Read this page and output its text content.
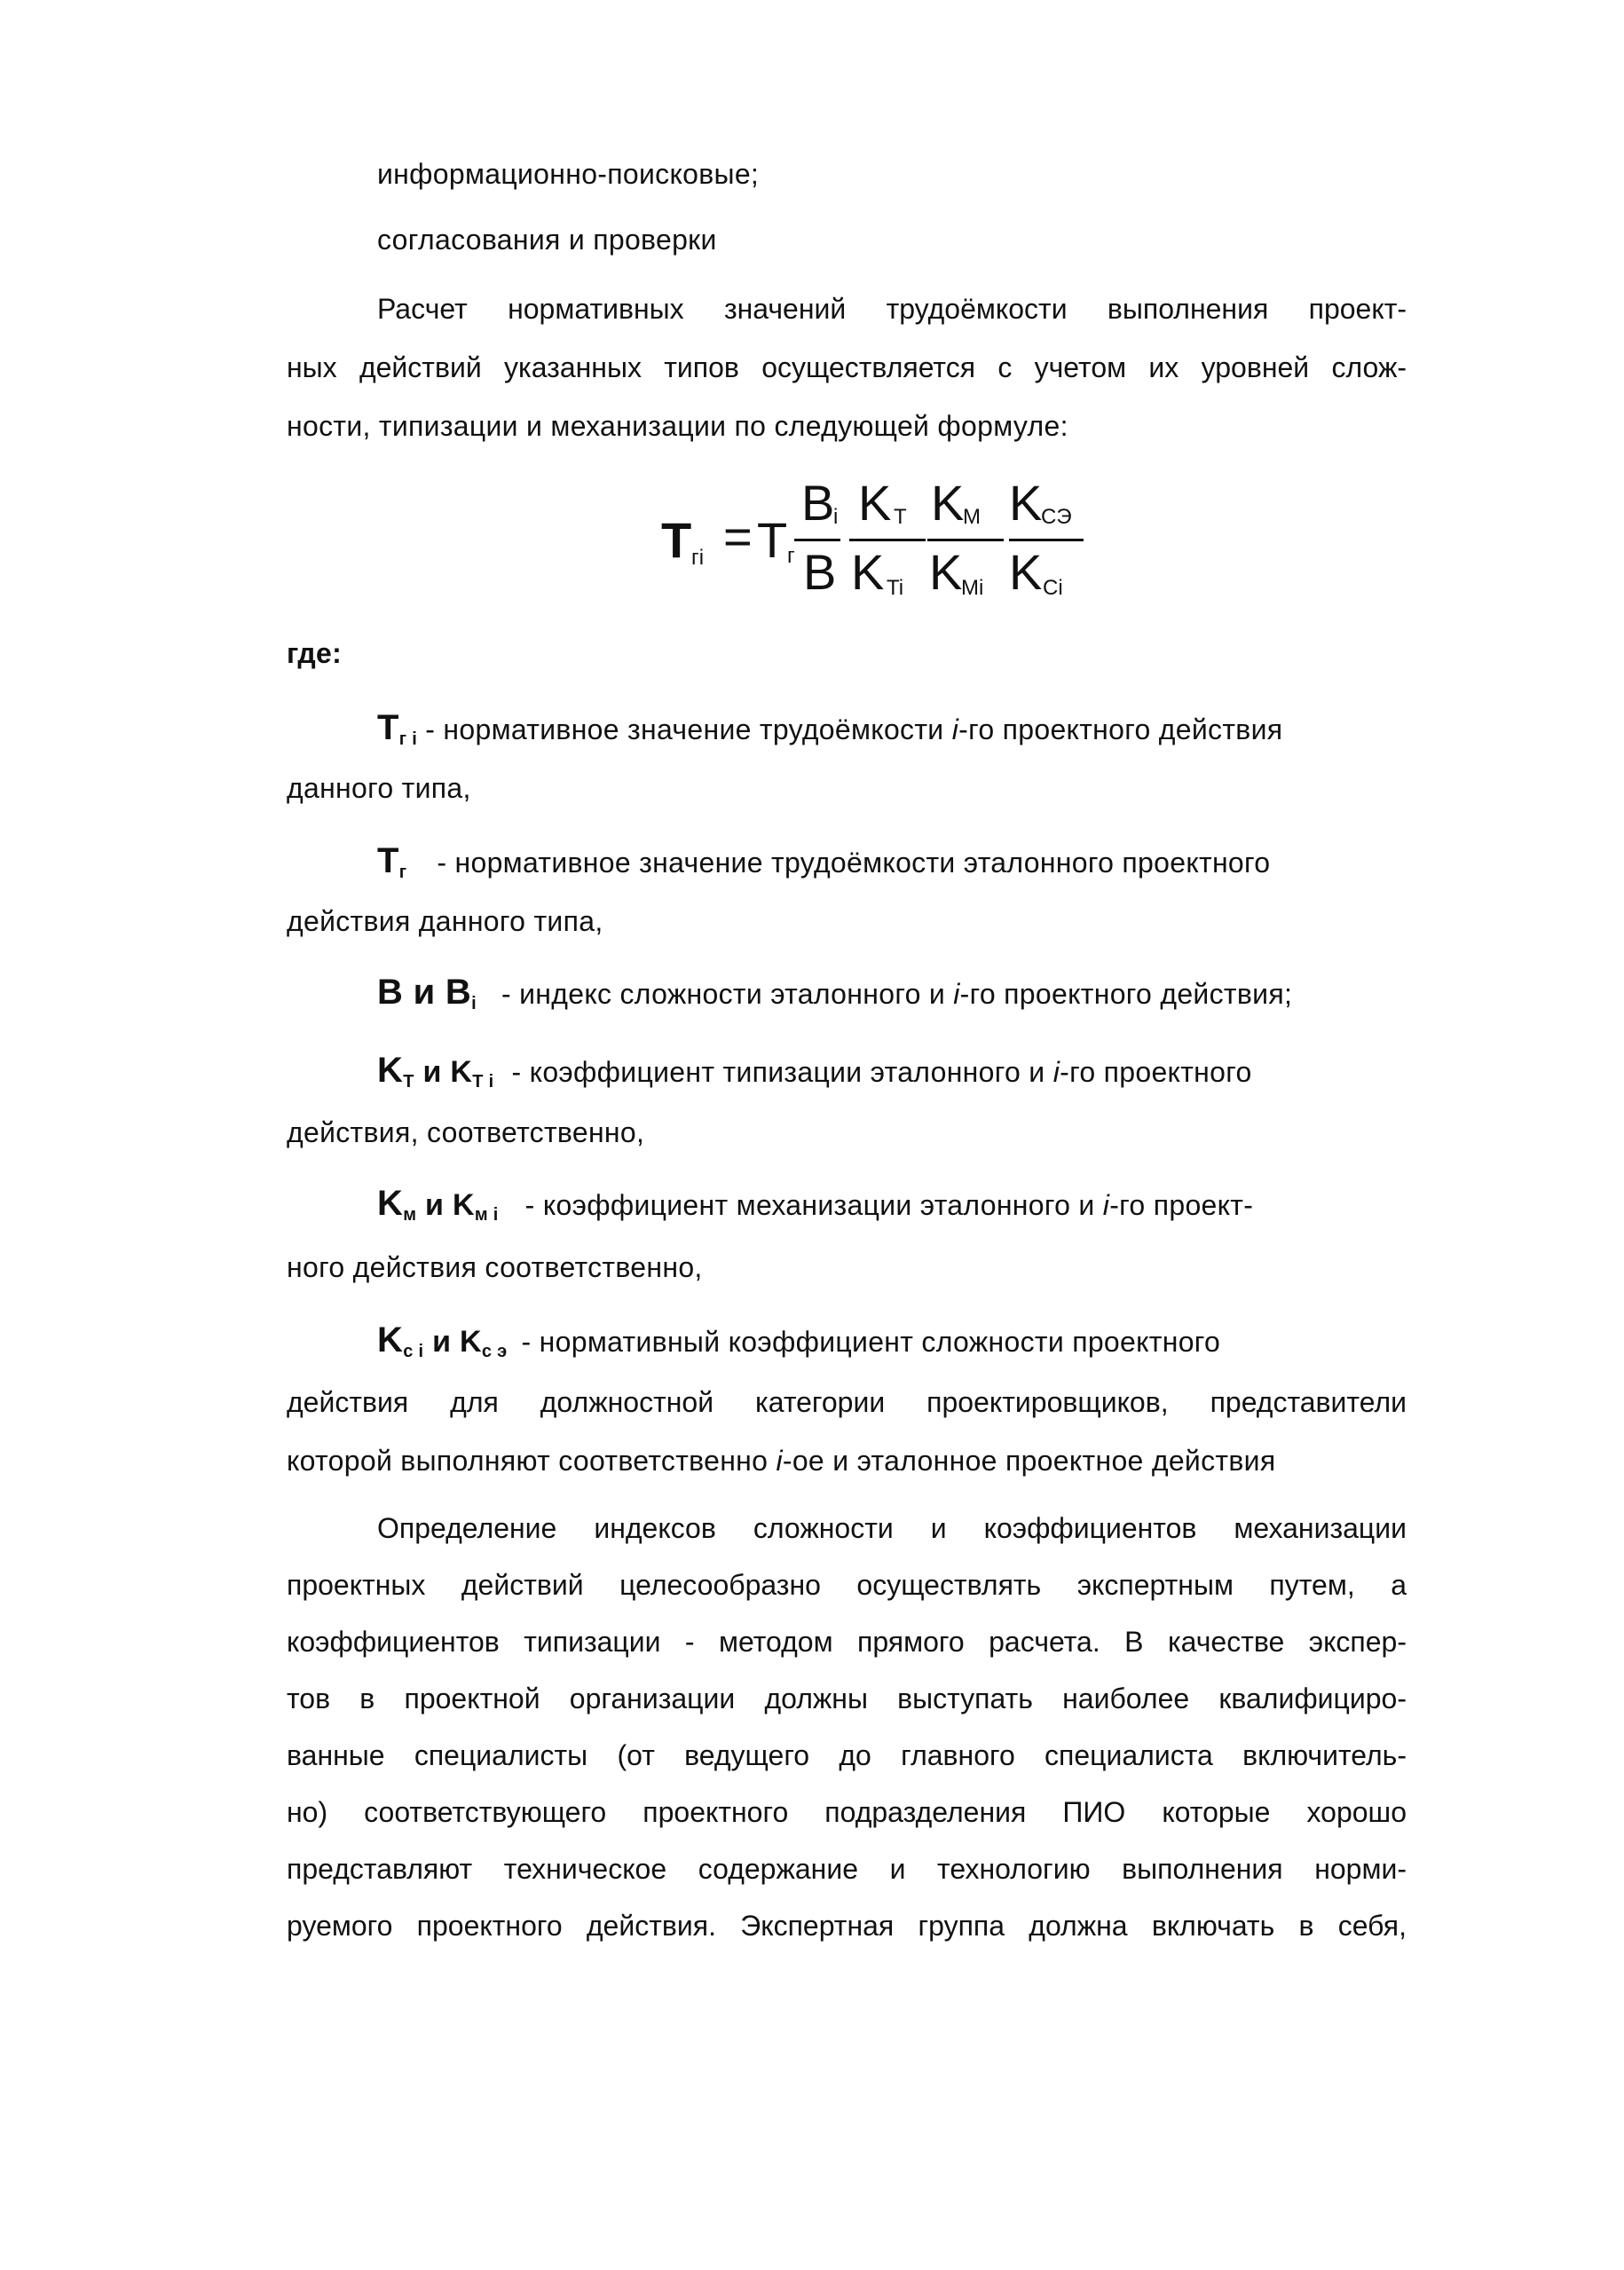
информационно-поисковые;
согласования и проверки
Расчет нормативных значений трудоёмкости выполнения проект-
ных действий указанных типов осуществляется с учетом их уровней слож-
ности, типизации и механизации по следующей формуле:
T гi = T г
B
i
B
K T
K Ti
K
M
K
Mi
K
CЭ
K Ci
где:
$T_{г i}$ - нормативное значение трудоёмкости i-го проектного действия
данного типа,
$T_г$ - нормативное значение трудоёмкости эталонного проектного
действия данного типа,
B и $B_i$ - индекс сложности эталонного и i-го проектного действия;
$K_T$ и $K_{T i}$ - коэффициент типизации эталонного и i-го проектного
действия, соответственно,
$K_м$ и $K_{м i}$ - коэффициент механизации эталонного и i-го проект-
ного действия соответственно,
$K_{c i}$ и $K_{c э}$ - нормативный коэффициент сложности проектного
действия для должностной категории проектировщиков, представители
которой выполняют соответственно i-ое и эталонное проектное действия
Определение индексов сложности и коэффициентов механизации
проектных действий целесообразно осуществлять экспертным путем, а
коэффициентов типизации - методом прямого расчета. В качестве экспер-
тов в проектной организации должны выступать наиболее квалифициро-
ванные специалисты (от ведущего до главного специалиста включитель-
но) соответствующего проектного подразделения ПИО которые хорошо
представляют техническое содержание и технологию выполнения норми-
руемого проектного действия. Экспертная группа должна включать в себя,
